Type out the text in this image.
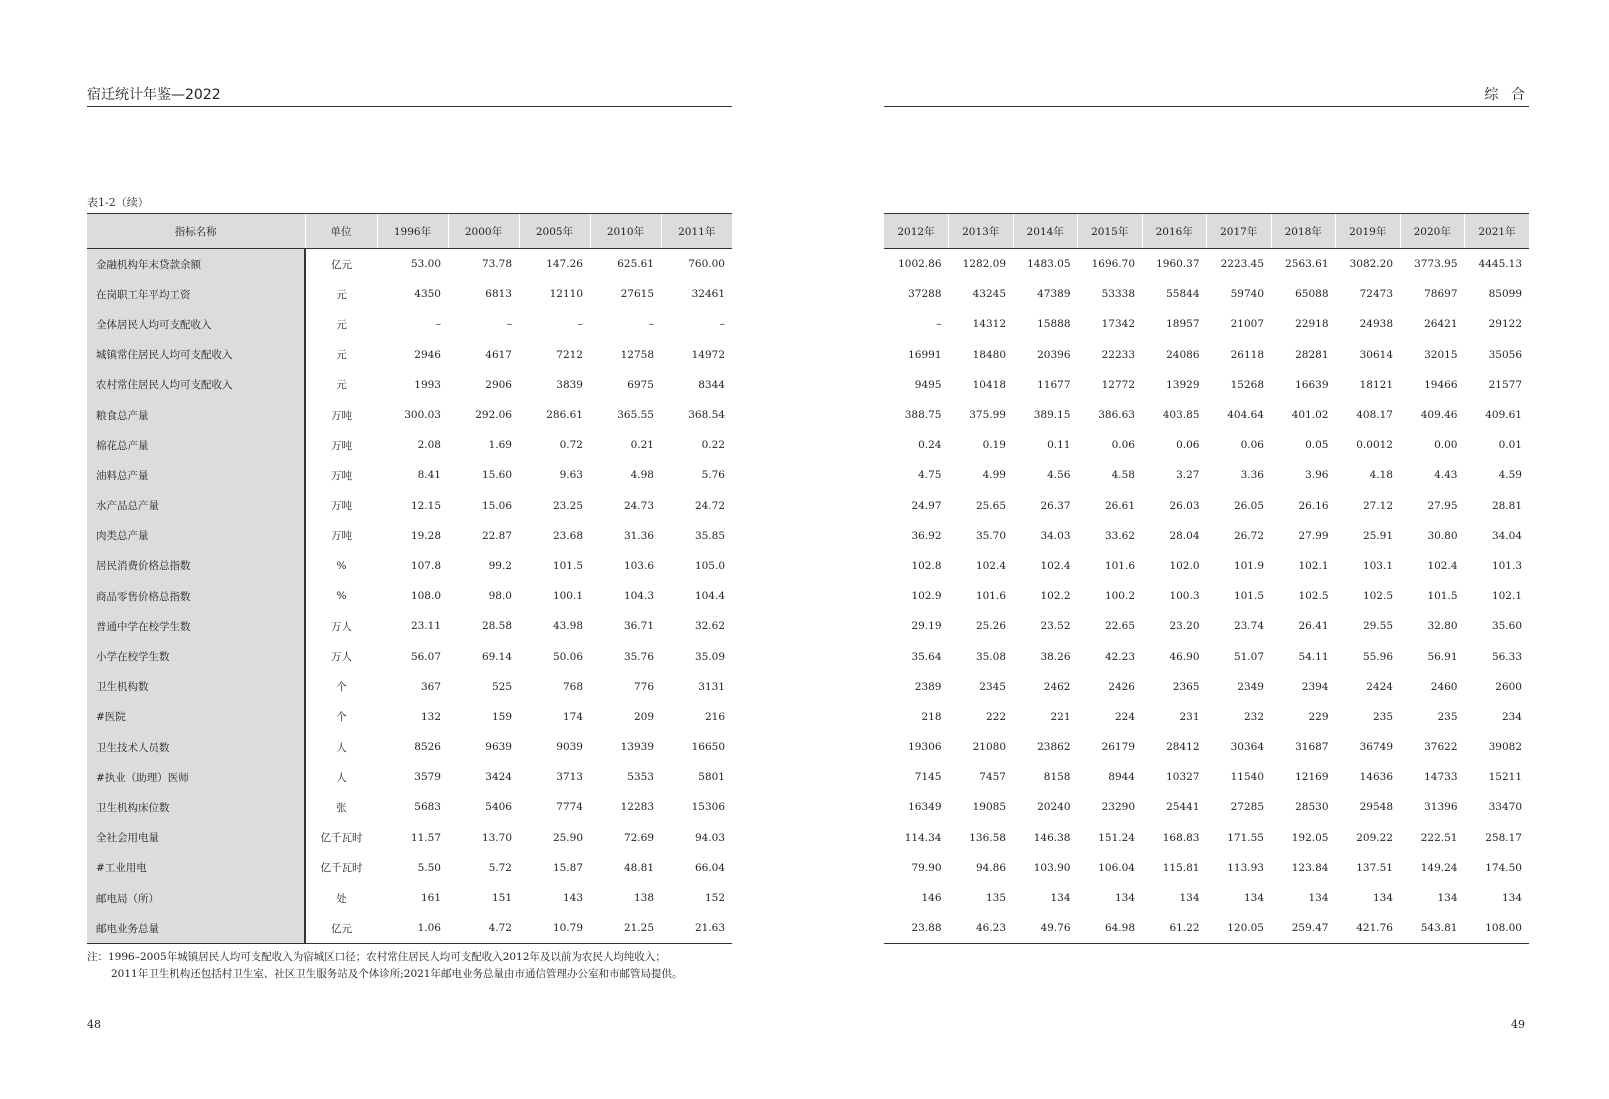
宿迁统计年鉴—2022
表1-2（续）
指标名称	单位	1996年	2000年	2005年	2010年	2011年
金融机构年末贷款余额	亿元	53.00	73.78	147.26	625.61	760.00
在岗职工年平均工资	元	4350	6813	12110	27615	32461
全体居民人均可支配收入	元	–	–	–	–	–
城镇常住居民人均可支配收入	元	2946	4617	7212	12758	14972
农村常住居民人均可支配收入	元	1993	2906	3839	6975	8344
粮食总产量	万吨	300.03	292.06	286.61	365.55	368.54
棉花总产量	万吨	2.08	1.69	0.72	0.21	0.22
油料总产量	万吨	8.41	15.60	9.63	4.98	5.76
水产品总产量	万吨	12.15	15.06	23.25	24.73	24.72
肉类总产量	万吨	19.28	22.87	23.68	31.36	35.85
居民消费价格总指数	%	107.8	99.2	101.5	103.6	105.0
商品零售价格总指数	%	108.0	98.0	100.1	104.3	104.4
普通中学在校学生数	万人	23.11	28.58	43.98	36.71	32.62
小学在校学生数	万人	56.07	69.14	50.06	35.76	35.09
卫生机构数	个	367	525	768	776	3131
#医院	个	132	159	174	209	216
卫生技术人员数	人	8526	9639	9039	13939	16650
#执业（助理）医师	人	3579	3424	3713	5353	5801
卫生机构床位数	张	5683	5406	7774	12283	15306
全社会用电量	亿千瓦时	11.57	13.70	25.90	72.69	94.03
#工业用电	亿千瓦时	5.50	5.72	15.87	48.81	66.04
邮电局（所）	处	161	151	143	138	152
邮电业务总量	亿元	1.06	4.72	10.79	21.25	21.63
注：1996–2005年城镇居民人均可支配收入为宿城区口径；农村常住居民人均可支配收入2012年及以前为农民人均纯收入；
2011年卫生机构还包括村卫生室、社区卫生服务站及个体诊所;2021年邮电业务总量由市通信管理办公室和市邮管局提供。
48
综 合
2012年	2013年	2014年	2015年	2016年	2017年	2018年	2019年	2020年	2021年
1002.86	1282.09	1483.05	1696.70	1960.37	2223.45	2563.61	3082.20	3773.95	4445.13
37288	43245	47389	53338	55844	59740	65088	72473	78697	85099
–	14312	15888	17342	18957	21007	22918	24938	26421	29122
16991	18480	20396	22233	24086	26118	28281	30614	32015	35056
9495	10418	11677	12772	13929	15268	16639	18121	19466	21577
388.75	375.99	389.15	386.63	403.85	404.64	401.02	408.17	409.46	409.61
0.24	0.19	0.11	0.06	0.06	0.06	0.05	0.0012	0.00	0.01
4.75	4.99	4.56	4.58	3.27	3.36	3.96	4.18	4.43	4.59
24.97	25.65	26.37	26.61	26.03	26.05	26.16	27.12	27.95	28.81
36.92	35.70	34.03	33.62	28.04	26.72	27.99	25.91	30.80	34.04
102.8	102.4	102.4	101.6	102.0	101.9	102.1	103.1	102.4	101.3
102.9	101.6	102.2	100.2	100.3	101.5	102.5	102.5	101.5	102.1
29.19	25.26	23.52	22.65	23.20	23.74	26.41	29.55	32.80	35.60
35.64	35.08	38.26	42.23	46.90	51.07	54.11	55.96	56.91	56.33
2389	2345	2462	2426	2365	2349	2394	2424	2460	2600
218	222	221	224	231	232	229	235	235	234
19306	21080	23862	26179	28412	30364	31687	36749	37622	39082
7145	7457	8158	8944	10327	11540	12169	14636	14733	15211
16349	19085	20240	23290	25441	27285	28530	29548	31396	33470
114.34	136.58	146.38	151.24	168.83	171.55	192.05	209.22	222.51	258.17
79.90	94.86	103.90	106.04	115.81	113.93	123.84	137.51	149.24	174.50
146	135	134	134	134	134	134	134	134	134
23.88	46.23	49.76	64.98	61.22	120.05	259.47	421.76	543.81	108.00
49
